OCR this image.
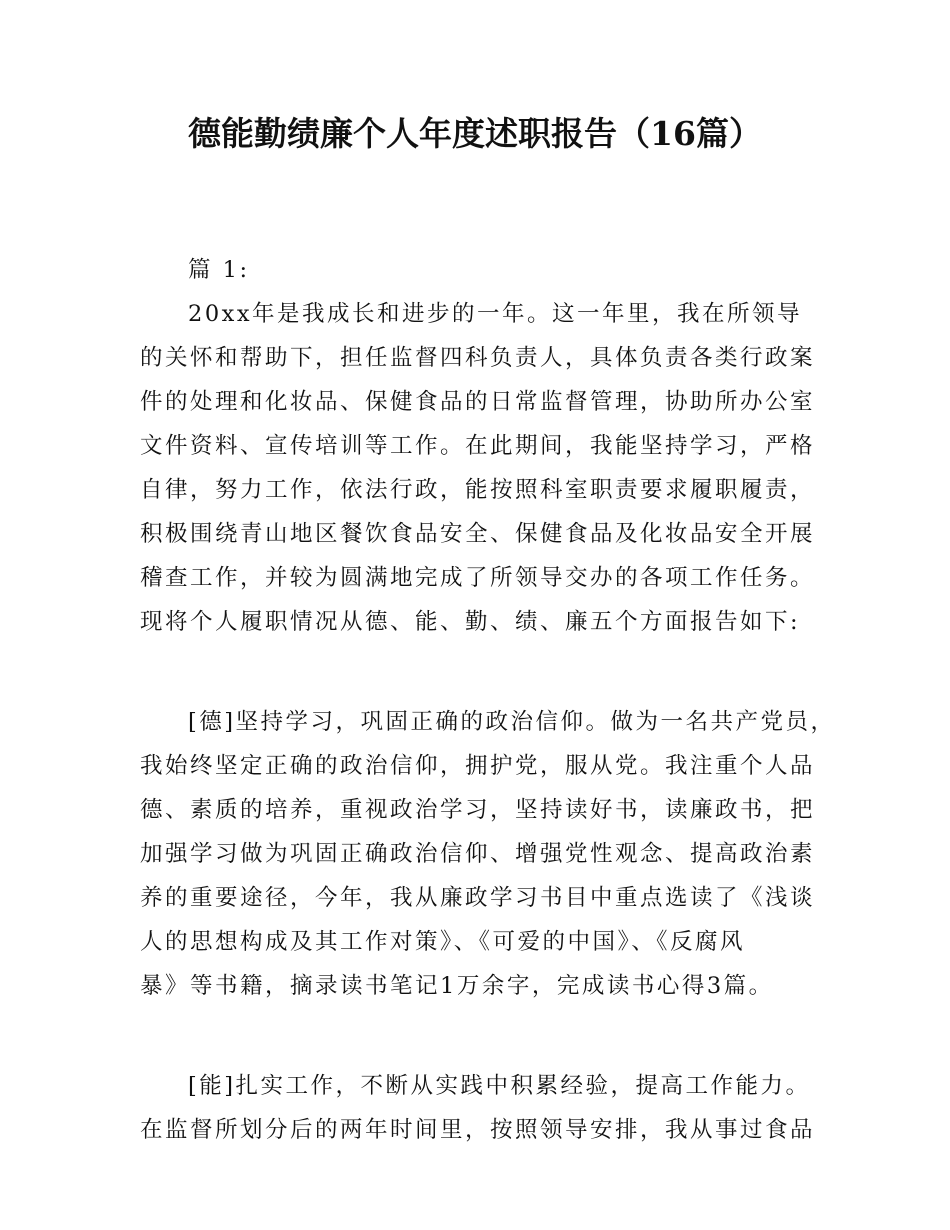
德能勤绩廉个人年度述职报告（16篇）
篇 1:
20xx年是我成长和进步的一年。这一年里，我在所领导
的关怀和帮助下，担任监督四科负责人，具体负责各类行政案
件的处理和化妆品、保健食品的日常监督管理，协助所办公室
文件资料、宣传培训等工作。在此期间，我能坚持学习，严格
自律，努力工作，依法行政，能按照科室职责要求履职履责，
积极围绕青山地区餐饮食品安全、保健食品及化妆品安全开展
稽查工作，并较为圆满地完成了所领导交办的各项工作任务。
现将个人履职情况从德、能、勤、绩、廉五个方面报告如下:
[德]坚持学习，巩固正确的政治信仰。做为一名共产党员，
我始终坚定正确的政治信仰，拥护党，服从党。我注重个人品
德、素质的培养，重视政治学习，坚持读好书，读廉政书，把
加强学习做为巩固正确政治信仰、增强党性观念、提高政治素
养的重要途径，今年，我从廉政学习书目中重点选读了《浅谈
人的思想构成及其工作对策》、《可爱的中国》、《反腐风
暴》等书籍，摘录读书笔记1万余字，完成读书心得3篇。
[能]扎实工作，不断从实践中积累经验，提高工作能力。
在监督所划分后的两年时间里，按照领导安排，我从事过食品
